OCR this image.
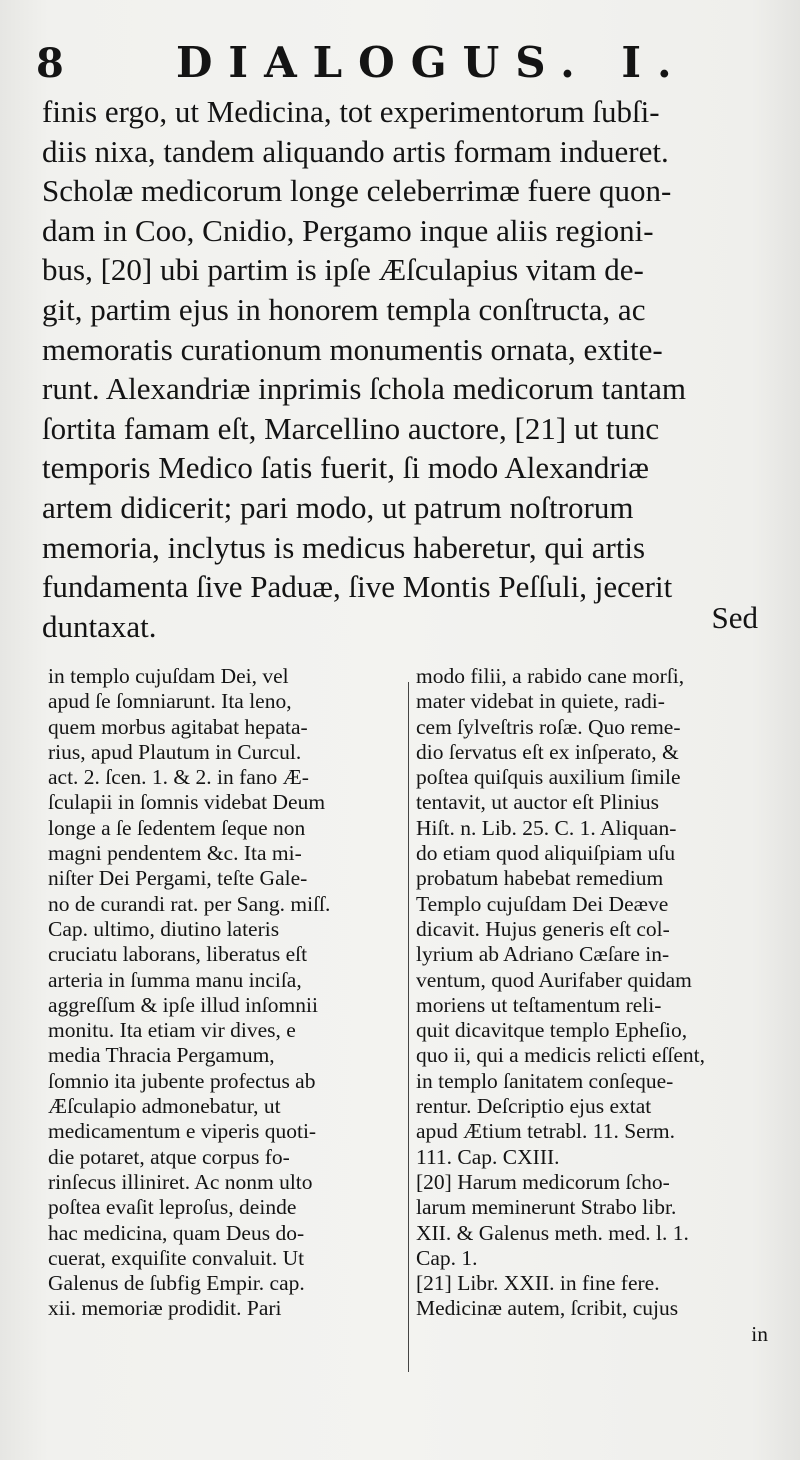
8	DIALOGUS. I.
finis ergo, ut Medicina, tot experimentorum ſubſi-
diis nixa, tandem aliquando artis formam indueret.
Scholæ medicorum longe celeberrimæ fuere quon-
dam in Coo, Cnidio, Pergamo inque aliis regioni-
bus, [20] ubi partim is ipſe Æſculapius vitam de-
git, partim ejus in honorem templa conſtructa, ac
memoratis curationum monumentis ornata, extite-
runt. Alexandriæ inprimis ſchola medicorum tantam
ſortita famam eſt, Marcellino auctore, [21] ut tunc
temporis Medico ſatis fuerit, ſi modo Alexandriæ
artem didicerit; pari modo, ut patrum noſtrorum
memoria, inclytus is medicus haberetur, qui artis
fundamenta ſive Paduæ, ſive Montis Peſſuli, jecerit
duntaxat.	Sed
in templo cujuſdam Dei, vel
apud ſe ſomniarunt. Ita leno,
quem morbus agitabat hepata-
rius, apud Plautum in Curcul.
act. 2. ſcen. 1. & 2. in fano Æ-
ſculapii in ſomnis videbat Deum
longe a ſe ſedentem ſeque non
magni pendentem &c. Ita mi-
niſter Dei Pergami, teſte Gale-
no de curandi rat. per Sang. miſſ.
Cap. ultimo, diutino lateris
cruciatu laborans, liberatus eſt
arteria in ſumma manu inciſa,
aggreſſum & ipſe illud inſomnii
monitu. Ita etiam vir dives, e
media Thracia Pergamum,
ſomnio ita jubente profectus ab
Æſculapio admonebatur, ut
medicamentum e viperis quoti-
die potaret, atque corpus fo-
rinſecus illiniret. Ac nonm ulto
poſtea evaſit leproſus, deinde
hac medicina, quam Deus do-
cuerat, exquiſite convaluit. Ut
Galenus de ſubfig Empir. cap.
xii. memoriæ prodidit. Pari
modo filii, a rabido cane morſi,
mater videbat in quiete, radi-
cem ſylveſtris roſæ. Quo reme-
dio ſervatus eſt ex inſperato, &
poſtea quiſquis auxilium ſimile
tentavit, ut auctor eſt Plinius
Hiſt. n. Lib. 25. C. 1. Aliquan-
do etiam quod aliquiſpiam uſu
probatum habebat remedium
Templo cujuſdam Dei Deæve
dicavit. Hujus generis eſt col-
lyrium ab Adriano Cæſare in-
ventum, quod Aurifaber quidam
moriens ut teſtamentum reli-
quit dicavitque templo Epheſio,
quo ii, qui a medicis relicti eſſent,
in templo ſanitatem conſeque-
rentur. Deſcriptio ejus extat
apud Ætium tetrabl. 11. Serm.
111. Cap. CXIII.
[20] Harum medicorum ſcho-
larum meminerunt Strabo libr.
XII. & Galenus meth. med. l. 1.
Cap. 1.
[21] Libr. XXII. in fine fere.
Medicinæ autem, ſcribit, cujus
in
